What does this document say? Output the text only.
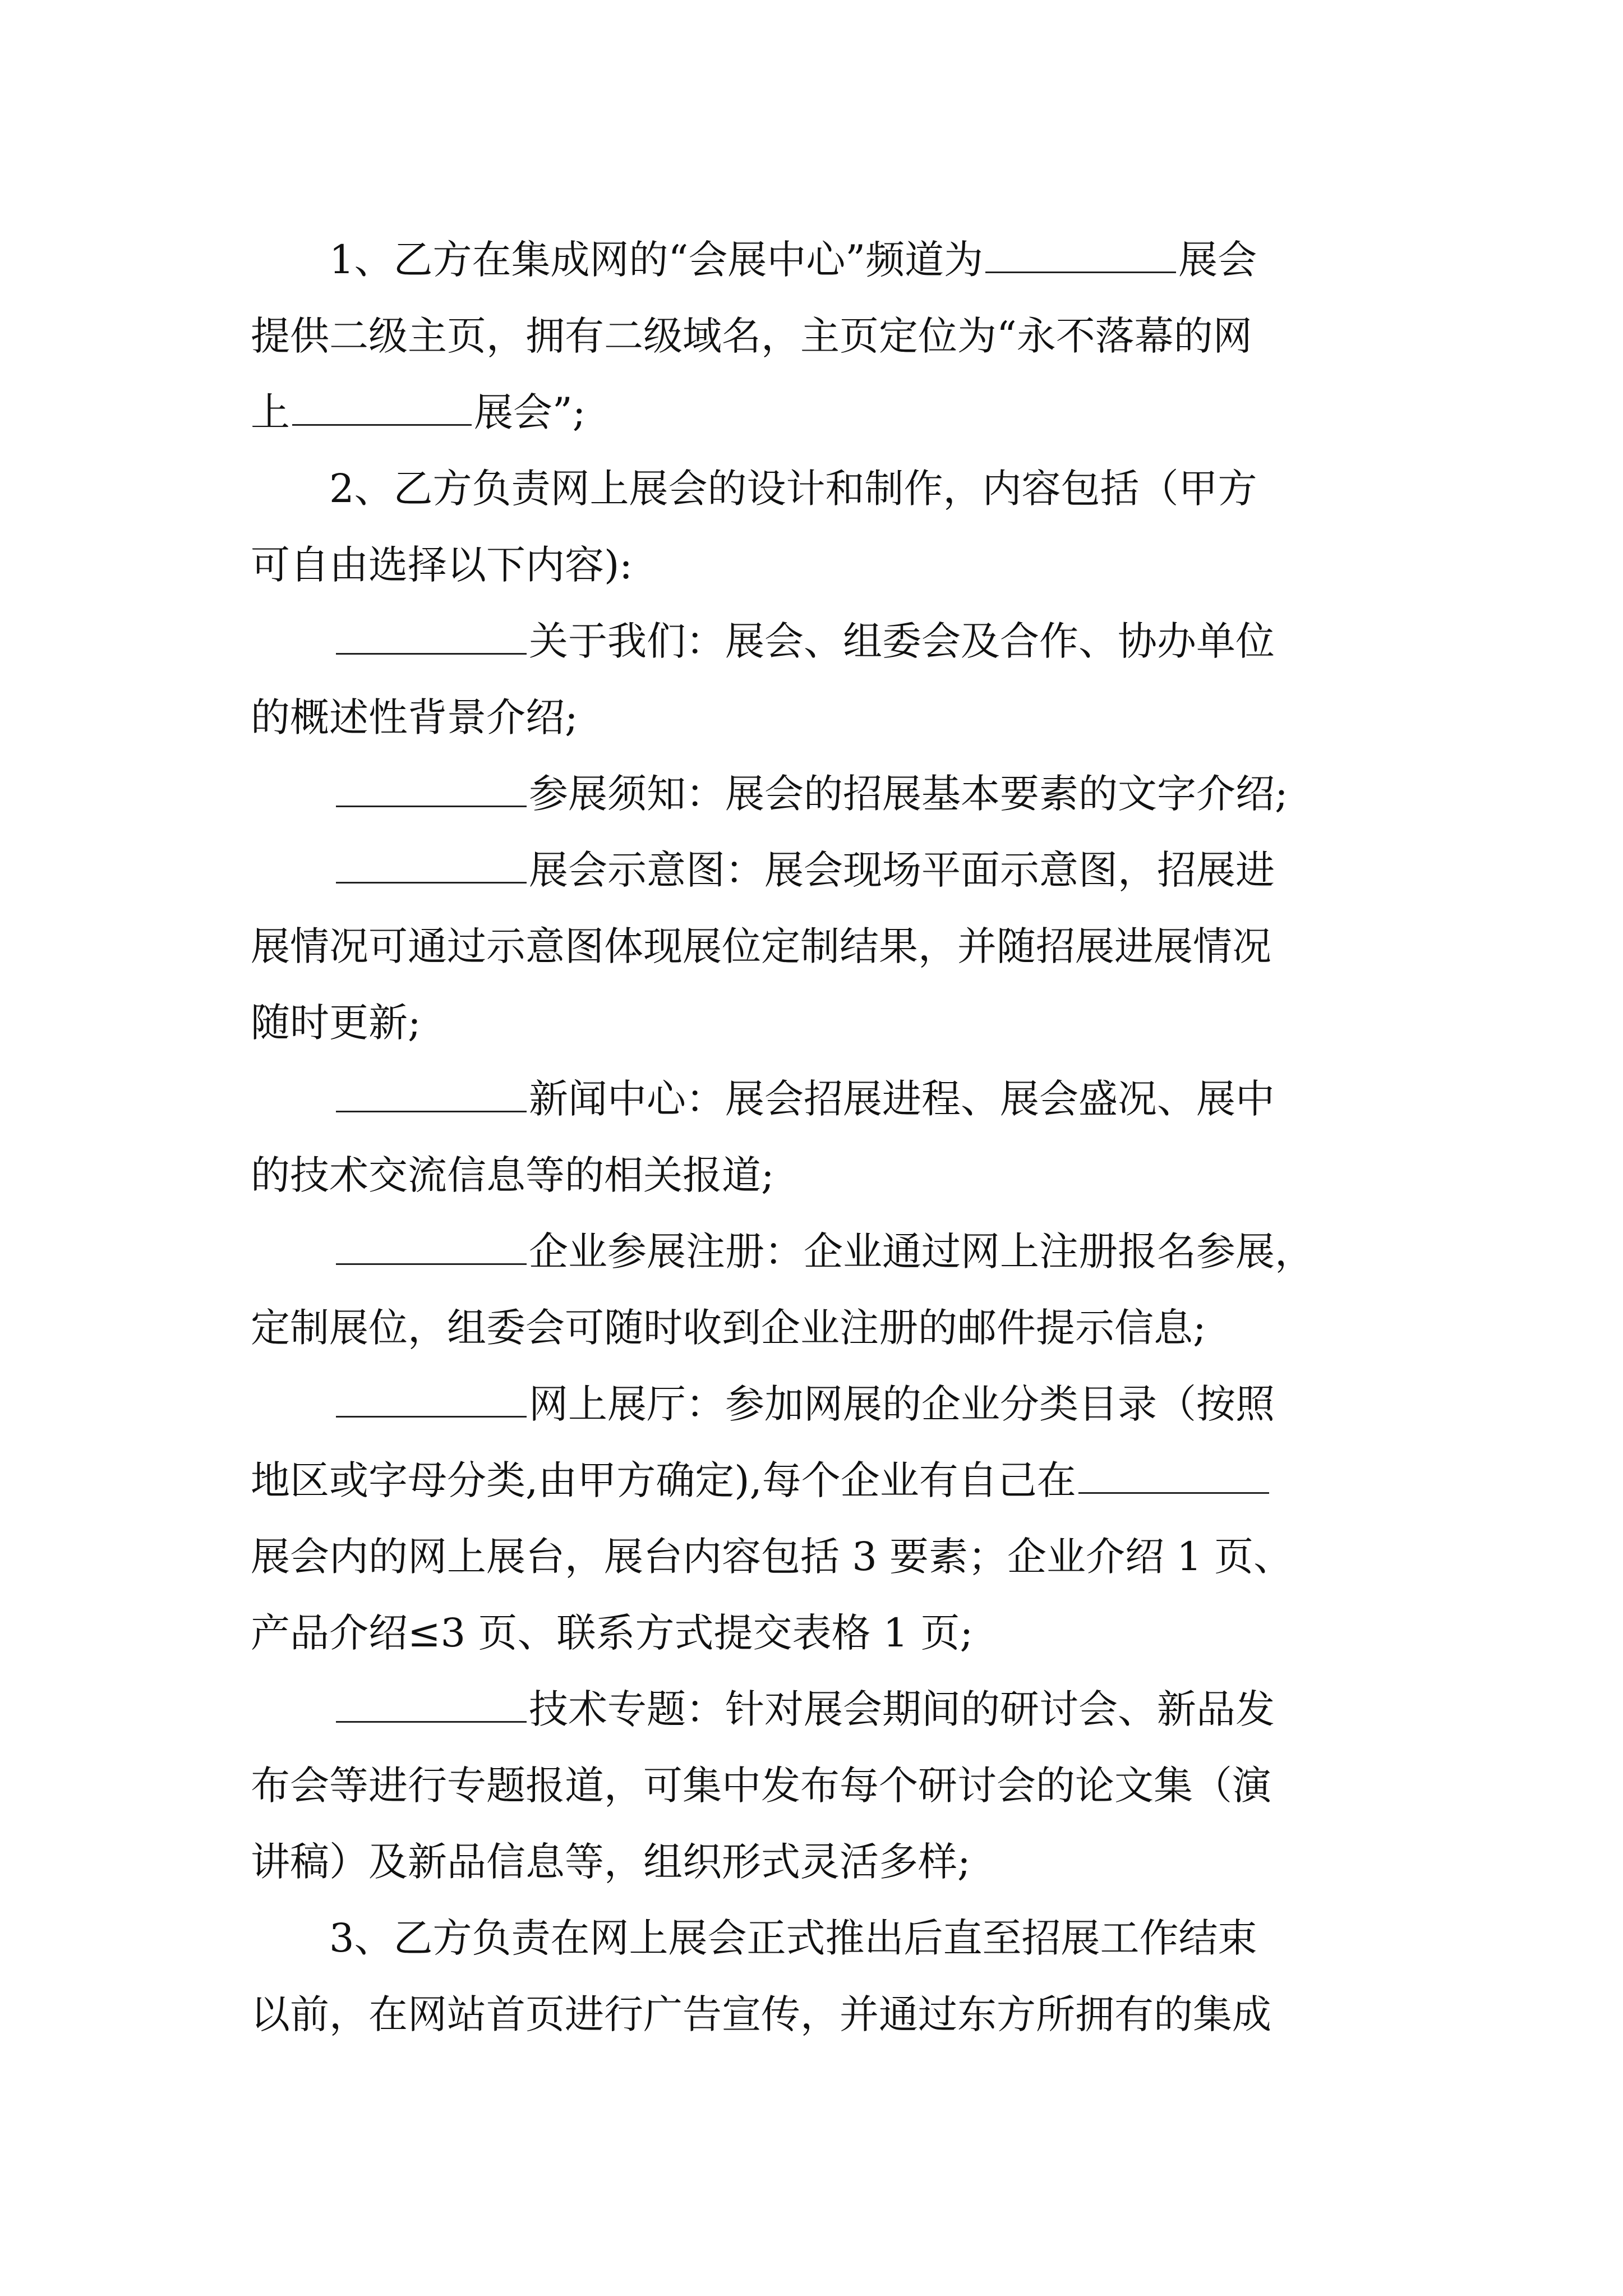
1、乙方在集成网的“会展中心”频道为	展会
提供二级主页，拥有二级域名，主页定位为“永不落幕的网
上	展会”;
2、乙方负责网上展会的设计和制作，内容包括（甲方
可自由选择以下内容):
关于我们：展会、组委会及合作、协办单位
的概述性背景介绍;
参展须知：展会的招展基本要素的文字介绍;
展会示意图：展会现场平面示意图，招展进
展情况可通过示意图体现展位定制结果，并随招展进展情况
随时更新;
新闻中心：展会招展进程、展会盛况、展中
的技术交流信息等的相关报道;
企业参展注册：企业通过网上注册报名参展，
定制展位，组委会可随时收到企业注册的邮件提示信息;
网上展厅：参加网展的企业分类目录（按照
地区或字母分类,由甲方确定),每个企业有自己在
展会内的网上展台，展台内容包括 3 要素；企业介绍 1 页、
产品介绍≤3 页、联系方式提交表格 1 页;
技术专题：针对展会期间的研讨会、新品发
布会等进行专题报道，可集中发布每个研讨会的论文集（演
讲稿）及新品信息等，组织形式灵活多样;
3、乙方负责在网上展会正式推出后直至招展工作结束
以前，在网站首页进行广告宣传，并通过东方所拥有的集成
